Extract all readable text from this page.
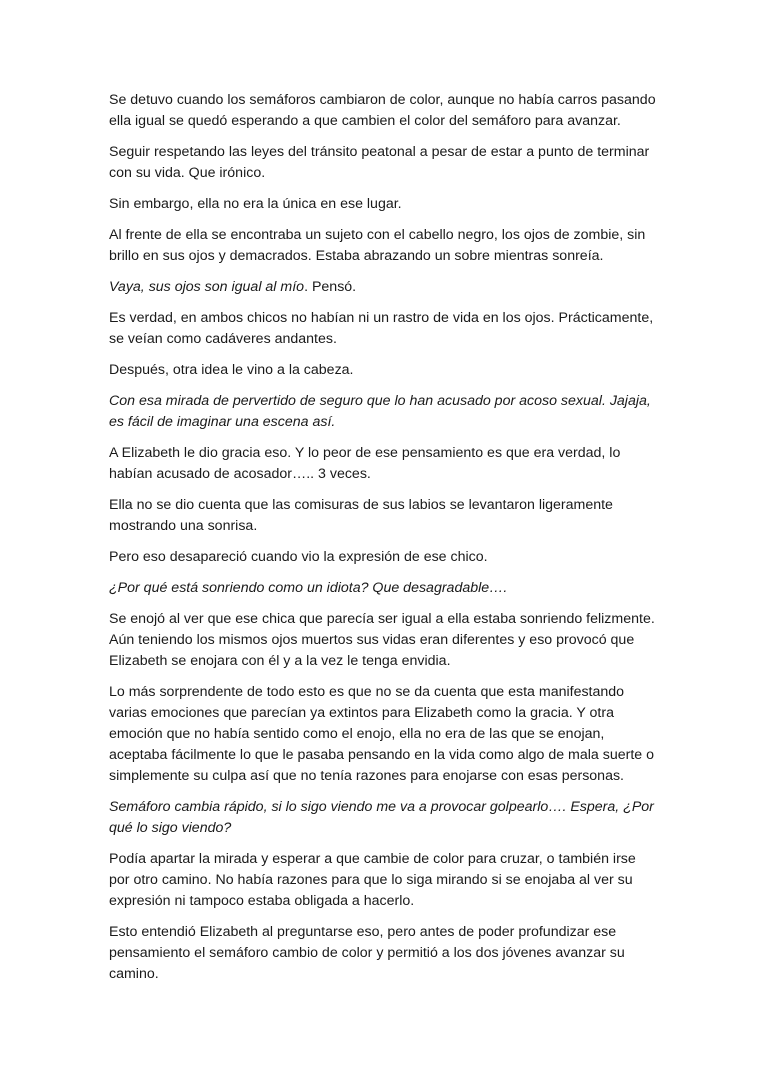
Se detuvo cuando los semáforos cambiaron de color, aunque no había carros pasando ella igual se quedó esperando a que cambien el color del semáforo para avanzar.

Seguir respetando las leyes del tránsito peatonal a pesar de estar a punto de terminar con su vida. Que irónico.

Sin embargo, ella no era la única en ese lugar.

Al frente de ella se encontraba un sujeto con el cabello negro, los ojos de zombie, sin brillo en sus ojos y demacrados. Estaba abrazando un sobre mientras sonreía.

Vaya, sus ojos son igual al mío. Pensó.

Es verdad, en ambos chicos no habían ni un rastro de vida en los ojos. Prácticamente, se veían como cadáveres andantes.

Después, otra idea le vino a la cabeza.

Con esa mirada de pervertido de seguro que lo han acusado por acoso sexual. Jajaja, es fácil de imaginar una escena así.

A Elizabeth le dio gracia eso. Y lo peor de ese pensamiento es que era verdad, lo habían acusado de acosador….. 3 veces.

Ella no se dio cuenta que las comisuras de sus labios se levantaron ligeramente mostrando una sonrisa.

Pero eso desapareció cuando vio la expresión de ese chico.

¿Por qué está sonriendo como un idiota? Que desagradable….

Se enojó al ver que ese chica que parecía ser igual a ella estaba sonriendo felizmente. Aún teniendo los mismos ojos muertos sus vidas eran diferentes y eso provocó que Elizabeth se enojara con él y a la vez le tenga envidia.

Lo más sorprendente de todo esto es que no se da cuenta que esta manifestando varias emociones que parecían ya extintos para Elizabeth como la gracia. Y otra emoción que no había sentido como el enojo, ella no era de las que se enojan, aceptaba fácilmente lo que le pasaba pensando en la vida como algo de mala suerte o simplemente su culpa así que no tenía razones para enojarse con esas personas.

Semáforo cambia rápido, si lo sigo viendo me va a provocar golpearlo…. Espera, ¿Por qué lo sigo viendo?

Podía apartar la mirada y esperar a que cambie de color para cruzar, o también irse por otro camino. No había razones para que lo siga mirando si se enojaba al ver su expresión ni tampoco estaba obligada a hacerlo.

Esto entendió Elizabeth al preguntarse eso, pero antes de poder profundizar ese pensamiento el semáforo cambio de color y permitió a los dos jóvenes avanzar su camino.
